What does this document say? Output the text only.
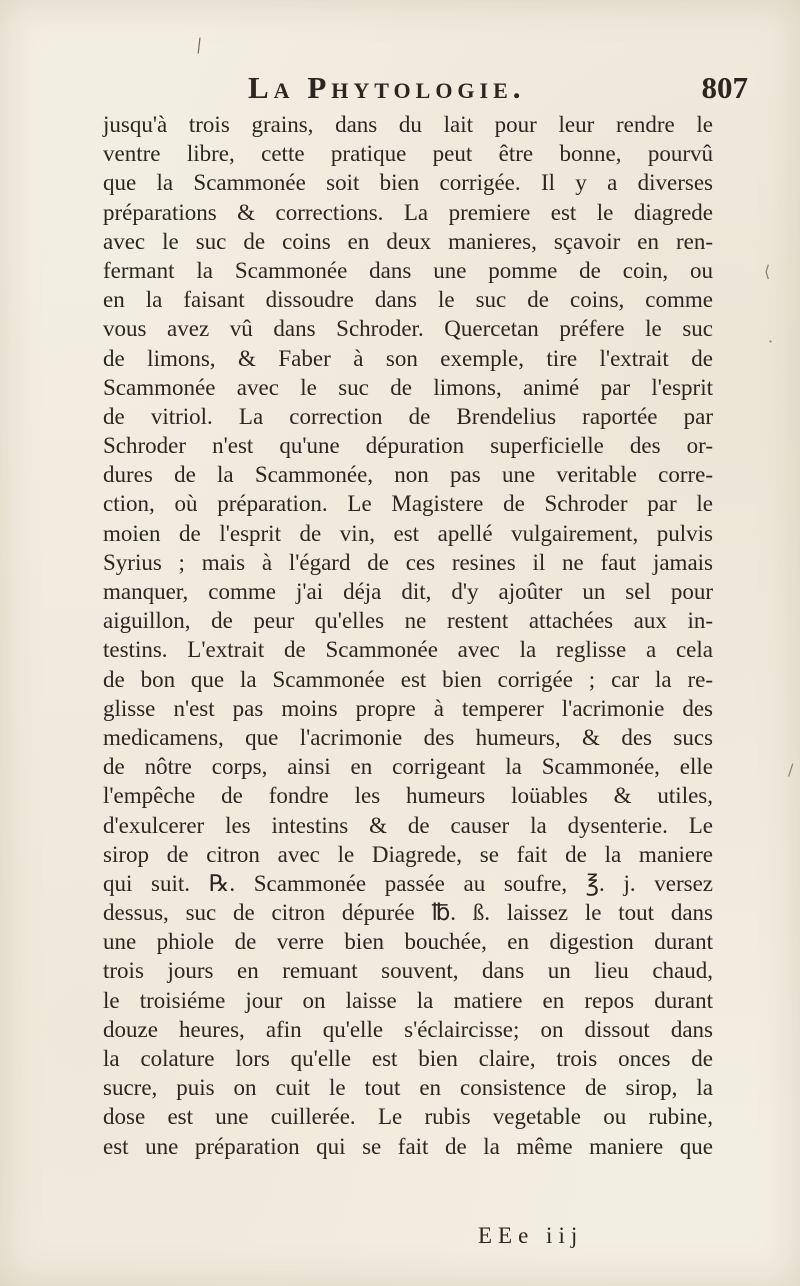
⁄
La Phytologie.	807
jusqu'à trois grains, dans du lait pour leur rendre le
ventre libre, cette pratique peut être bonne, pourvû
que la Scammonée soit bien corrigée. Il y a diverses
préparations & corrections. La premiere est le diagrede
avec le suc de coins en deux manieres, sçavoir en ren-
fermant la Scammonée dans une pomme de coin, ou
en la faisant dissoudre dans le suc de coins, comme
vous avez vû dans Schroder. Quercetan préfere le suc
de limons, & Faber à son exemple, tire l'extrait de
Scammonée avec le suc de limons, animé par l'esprit
de vitriol. La correction de Brendelius raportée par
Schroder n'est qu'une dépuration superficielle des or-
dures de la Scammonée, non pas une veritable corre-
ction, où préparation. Le Magistere de Schroder par le
moien de l'esprit de vin, est apellé vulgairement, pulvis
Syrius ; mais à l'égard de ces resines il ne faut jamais
manquer, comme j'ai déja dit, d'y ajoûter un sel pour
aiguillon, de peur qu'elles ne restent attachées aux in-
testins. L'extrait de Scammonée avec la reglisse a cela
de bon que la Scammonée est bien corrigée ; car la re-
glisse n'est pas moins propre à temperer l'acrimonie des
medicamens, que l'acrimonie des humeurs, & des sucs
de nôtre corps, ainsi en corrigeant la Scammonée, elle
l'empêche de fondre les humeurs loüables & utiles,
d'exulcerer les intestins & de causer la dysenterie. Le
sirop de citron avec le Diagrede, se fait de la maniere
qui suit. ℞. Scammonée passée au soufre, ℥. j. versez
dessus, suc de citron dépurée ℔. ß. laissez le tout dans
une phiole de verre bien bouchée, en digestion durant
trois jours en remuant souvent, dans un lieu chaud,
le troisiéme jour on laisse la matiere en repos durant
douze heures, afin qu'elle s'éclaircisse; on dissout dans
la colature lors qu'elle est bien claire, trois onces de
sucre, puis on cuit le tout en consistence de sirop, la
dose est une cuillerée. Le rubis vegetable ou rubine,
est une préparation qui se fait de la même maniere que
EEe iij
⟨
·
/
